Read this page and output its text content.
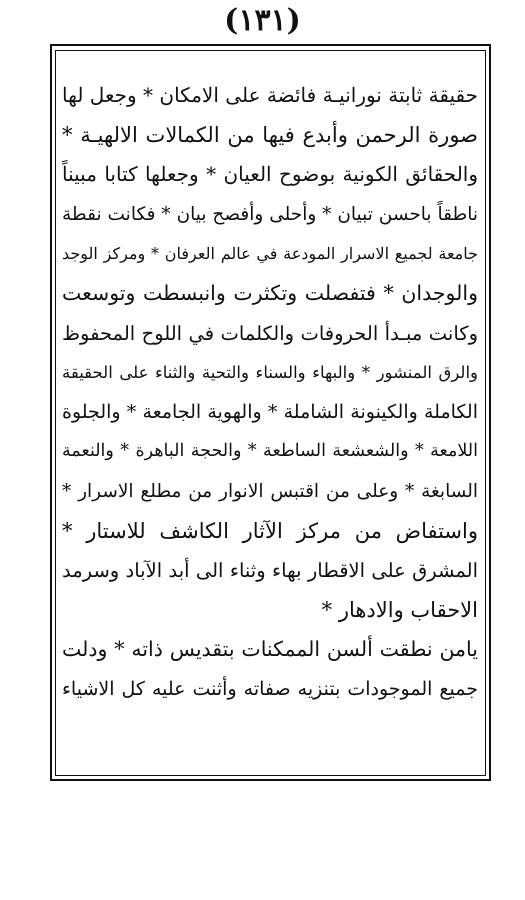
(١٣١)
حقيقة ثابتة نورانيـة فائضة على الامكان * وجعل لها
صورة الرحمن وأبدع فيها من الكمالات الالهيـة *
والحقائق الكونية بوضوح العيان * وجعلها كتابا مبيناً
ناطقاً باحسن تبيان * وأحلى وأفصح بيان * فكانت نقطة
جامعة لجميع الاسرار المودعة في عالم العرفان * ومركز الوجد
والوجدان * فتفصلت وتكثرت وانبسطت وتوسعت
وكانت مبـدأ الحروفات والكلمات في اللوح المحفوظ
والرق المنشور * والبهاء والسناء والتحية والثناء على الحقيقة
الكاملة والكينونة الشاملة * والهوية الجامعة * والجلوة
اللامعة * والشعشعة الساطعة * والحجة الباهرة * والنعمة
السابغة * وعلى من اقتبس الانوار من مطلع الاسرار *
واستفاض من مركز الآثار الكاشف للاستار *
المشرق على الاقطار بهاء وثناء الى أبد الآباد وسرمد
الاحقاب والادهار *
يامن نطقت ألسن الممكنات بتقديس ذاته * ودلت
جميع الموجودات بتنزيه صفاته وأثنت عليه كل الاشياء
